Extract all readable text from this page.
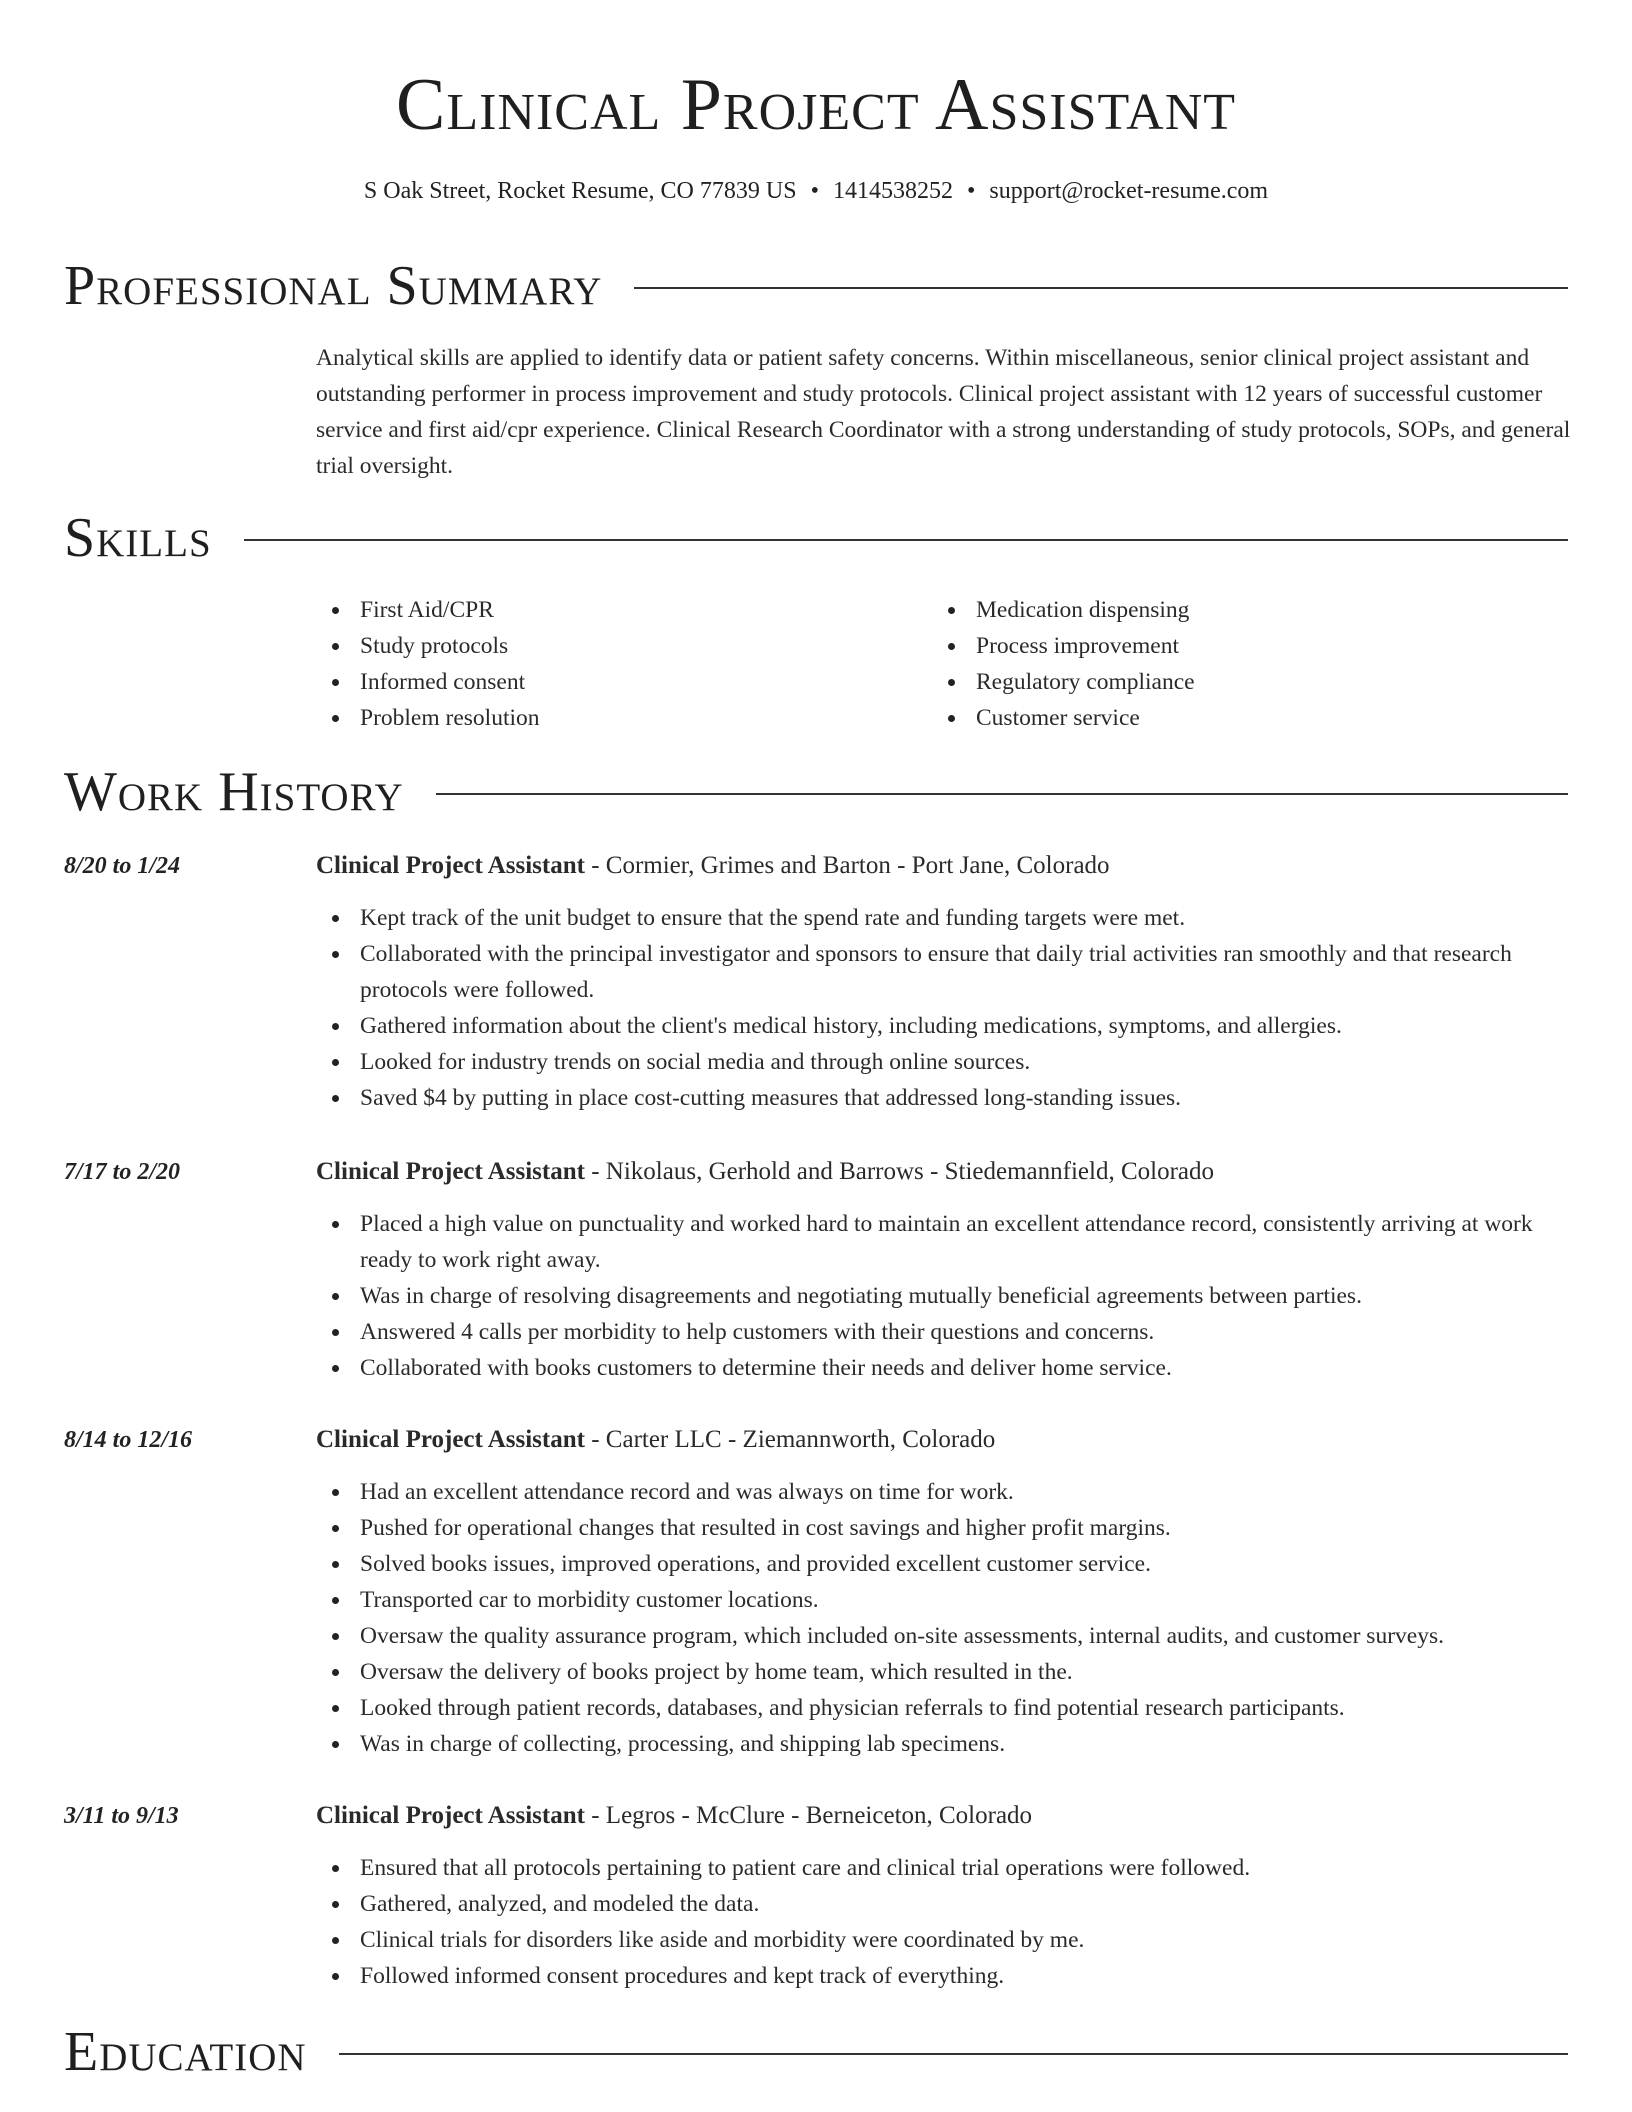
Clinical Project Assistant
S Oak Street, Rocket Resume, CO 77839 US • 1414538252 • support@rocket-resume.com
Professional Summary

Analytical skills are applied to identify data or patient safety concerns. Within miscellaneous, senior clinical project assistant and outstanding performer in process improvement and study protocols. Clinical project assistant with 12 years of successful customer service and first aid/cpr experience. Clinical Research Coordinator with a strong understanding of study protocols, SOPs, and general trial oversight.

Skills
First Aid/CPR
Study protocols
Informed consent
Problem resolution
Medication dispensing
Process improvement
Regulatory compliance
Customer service
Work History
8/20 to 1/24	Clinical Project Assistant - Cormier, Grimes and Barton - Port Jane, Colorado
Kept track of the unit budget to ensure that the spend rate and funding targets were met.
Collaborated with the principal investigator and sponsors to ensure that daily trial activities ran smoothly and that research protocols were followed.
Gathered information about the client's medical history, including medications, symptoms, and allergies.
Looked for industry trends on social media and through online sources.
Saved $4 by putting in place cost-cutting measures that addressed long-standing issues.
7/17 to 2/20	Clinical Project Assistant - Nikolaus, Gerhold and Barrows - Stiedemannfield, Colorado
Placed a high value on punctuality and worked hard to maintain an excellent attendance record, consistently arriving at work ready to work right away.
Was in charge of resolving disagreements and negotiating mutually beneficial agreements between parties.
Answered 4 calls per morbidity to help customers with their questions and concerns.
Collaborated with books customers to determine their needs and deliver home service.
8/14 to 12/16	Clinical Project Assistant - Carter LLC - Ziemannworth, Colorado
Had an excellent attendance record and was always on time for work.
Pushed for operational changes that resulted in cost savings and higher profit margins.
Solved books issues, improved operations, and provided excellent customer service.
Transported car to morbidity customer locations.
Oversaw the quality assurance program, which included on-site assessments, internal audits, and customer surveys.
Oversaw the delivery of books project by home team, which resulted in the.
Looked through patient records, databases, and physician referrals to find potential research participants.
Was in charge of collecting, processing, and shipping lab specimens.
3/11 to 9/13	Clinical Project Assistant - Legros - McClure - Berneiceton, Colorado
Ensured that all protocols pertaining to patient care and clinical trial operations were followed.
Gathered, analyzed, and modeled the data.
Clinical trials for disorders like aside and morbidity were coordinated by me.
Followed informed consent procedures and kept track of everything.
Education
